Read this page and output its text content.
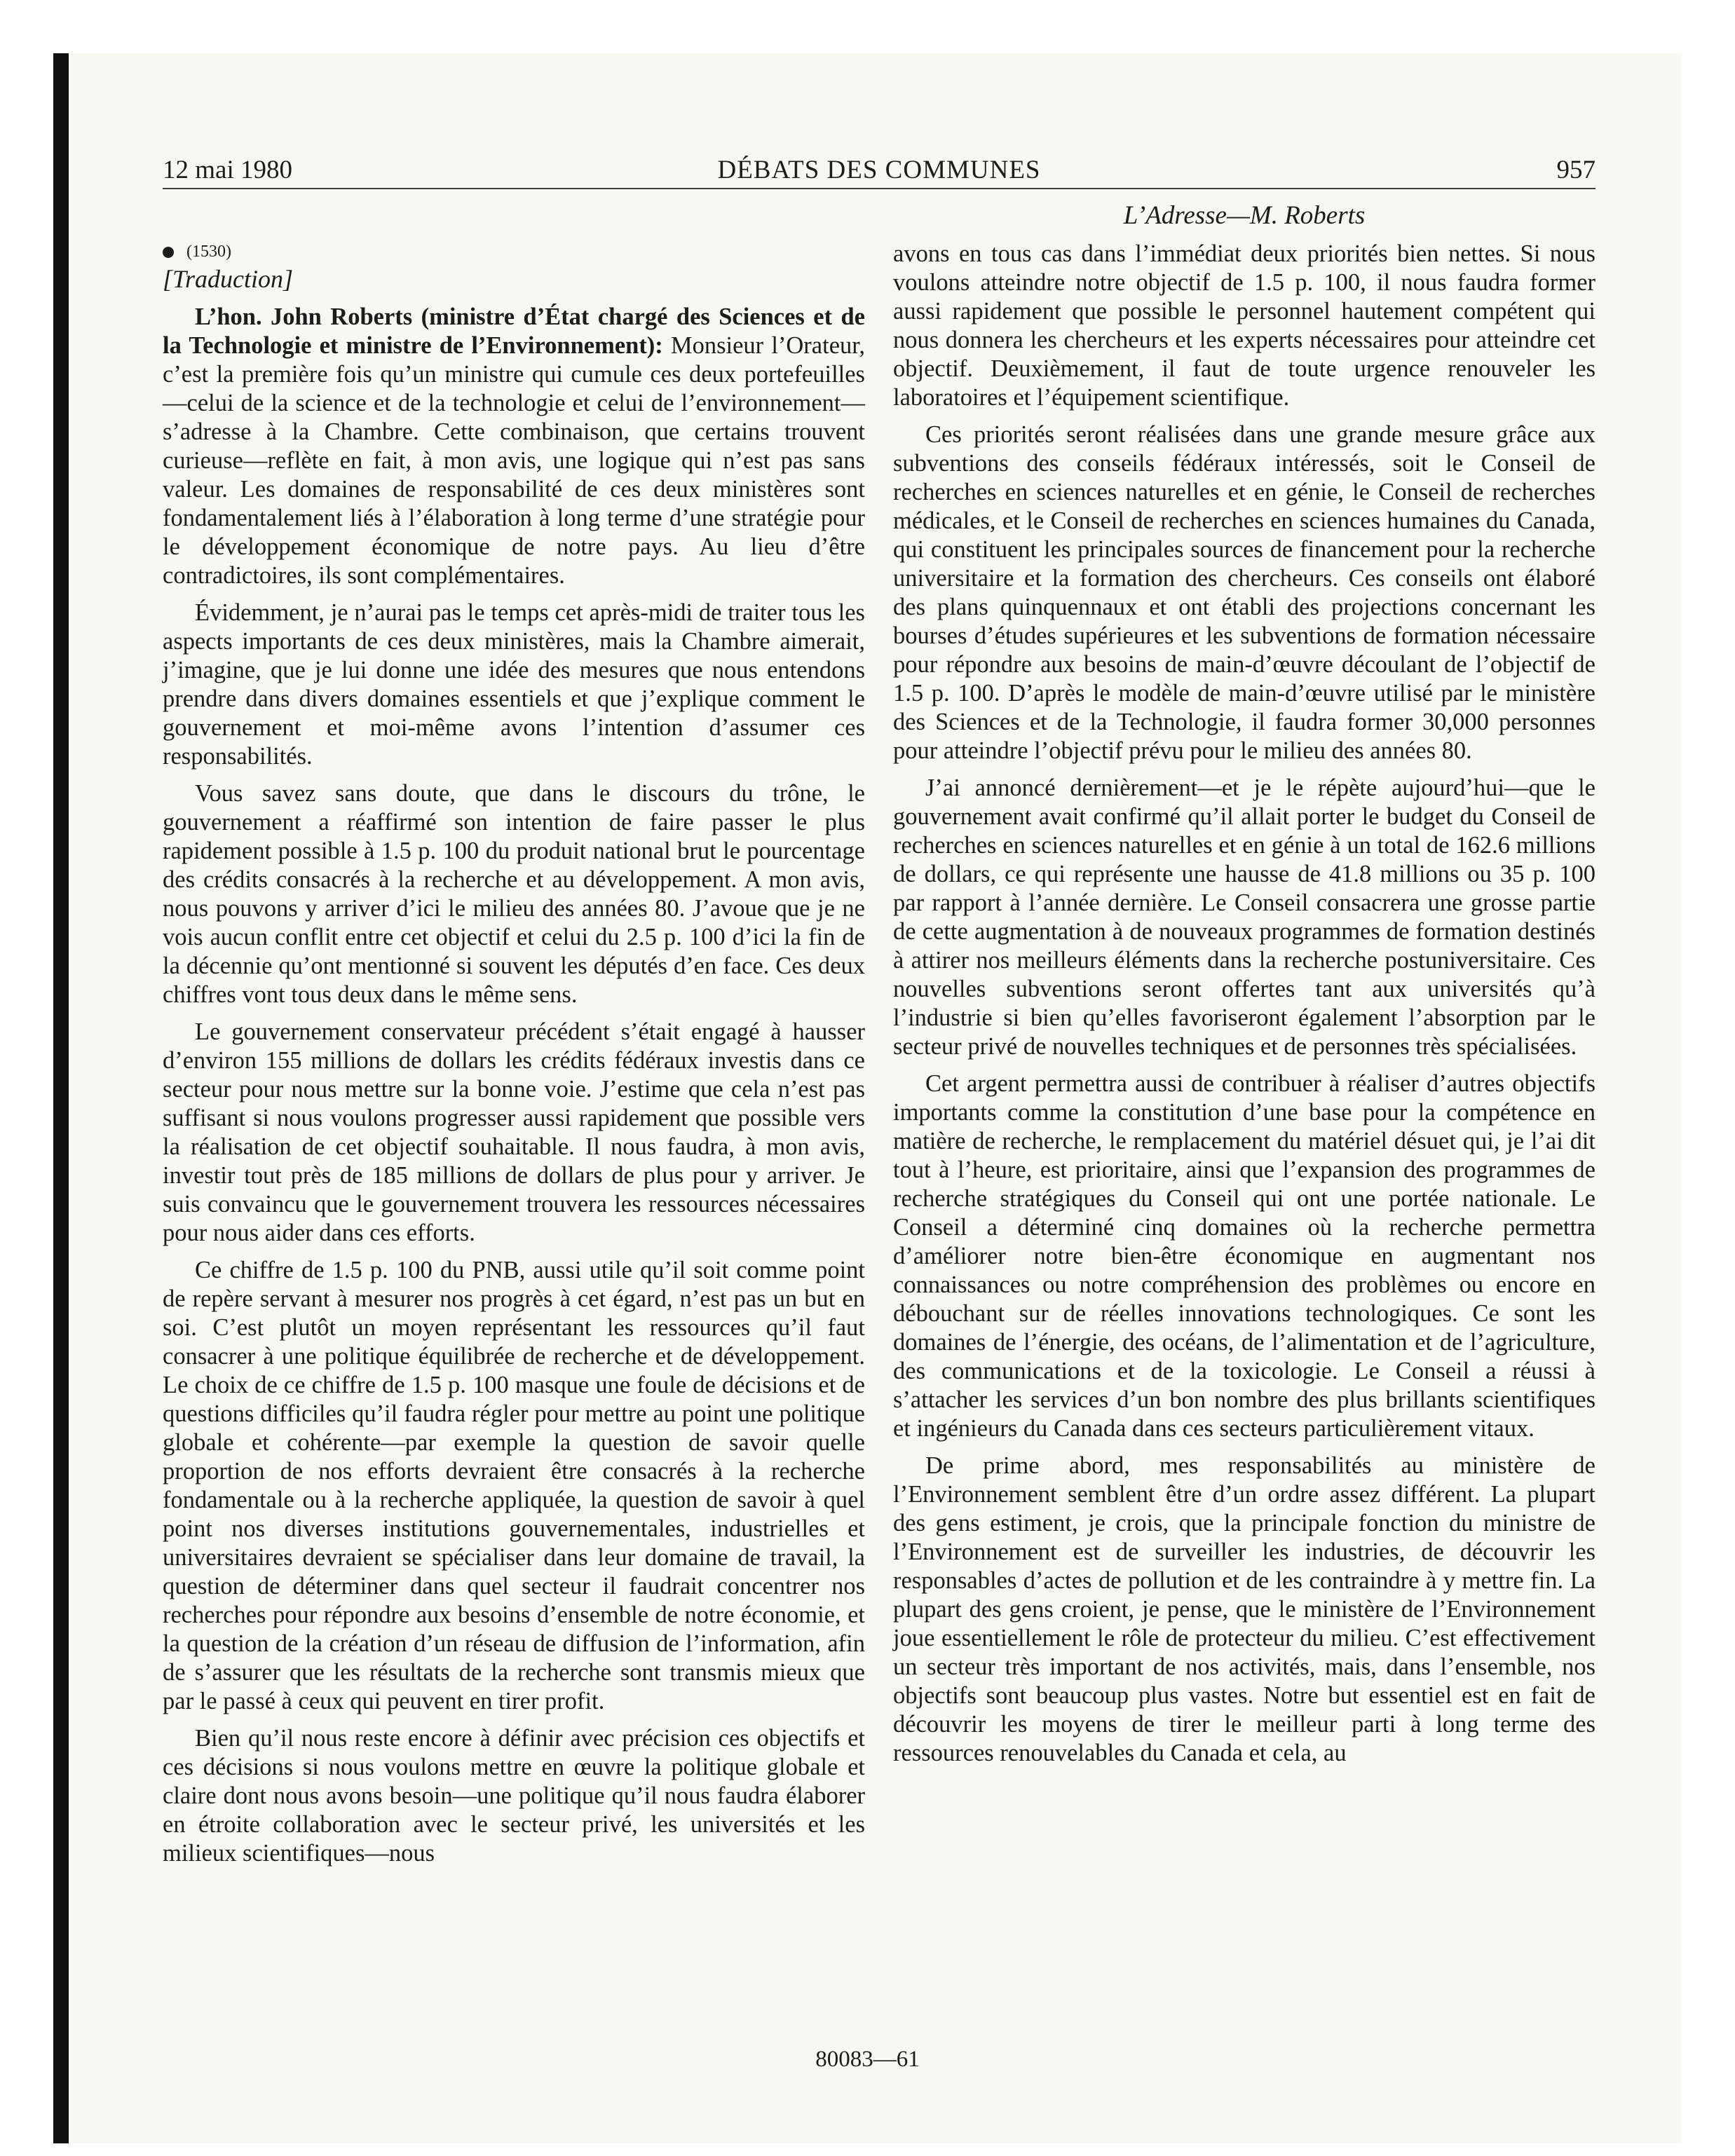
12 mai 1980	DÉBATS DES COMMUNES	957
(1530)

[Traduction]

L’hon. John Roberts (ministre d’État chargé des Sciences et de la Technologie et ministre de l’Environnement): Monsieur l’Orateur, c’est la première fois qu’un ministre qui cumule ces deux portefeuilles—celui de la science et de la technologie et celui de l’environnement—s’adresse à la Chambre. Cette combinaison, que certains trouvent curieuse—reflète en fait, à mon avis, une logique qui n’est pas sans valeur. Les domaines de responsabilité de ces deux ministères sont fondamentalement liés à l’élaboration à long terme d’une stratégie pour le développement économique de notre pays. Au lieu d’être contradictoires, ils sont complémentaires.

Évidemment, je n’aurai pas le temps cet après-midi de traiter tous les aspects importants de ces deux ministères, mais la Chambre aimerait, j’imagine, que je lui donne une idée des mesures que nous entendons prendre dans divers domaines essentiels et que j’explique comment le gouvernement et moi-même avons l’intention d’assumer ces responsabilités.

Vous savez sans doute, que dans le discours du trône, le gouvernement a réaffirmé son intention de faire passer le plus rapidement possible à 1.5 p. 100 du produit national brut le pourcentage des crédits consacrés à la recherche et au développement. A mon avis, nous pouvons y arriver d’ici le milieu des années 80. J’avoue que je ne vois aucun conflit entre cet objectif et celui du 2.5 p. 100 d’ici la fin de la décennie qu’ont mentionné si souvent les députés d’en face. Ces deux chiffres vont tous deux dans le même sens.

Le gouvernement conservateur précédent s’était engagé à hausser d’environ 155 millions de dollars les crédits fédéraux investis dans ce secteur pour nous mettre sur la bonne voie. J’estime que cela n’est pas suffisant si nous voulons progresser aussi rapidement que possible vers la réalisation de cet objectif souhaitable. Il nous faudra, à mon avis, investir tout près de 185 millions de dollars de plus pour y arriver. Je suis convaincu que le gouvernement trouvera les ressources nécessaires pour nous aider dans ces efforts.

Ce chiffre de 1.5 p. 100 du PNB, aussi utile qu’il soit comme point de repère servant à mesurer nos progrès à cet égard, n’est pas un but en soi. C’est plutôt un moyen représentant les ressources qu’il faut consacrer à une politique équilibrée de recherche et de développement. Le choix de ce chiffre de 1.5 p. 100 masque une foule de décisions et de questions difficiles qu’il faudra régler pour mettre au point une politique globale et cohérente—par exemple la question de savoir quelle proportion de nos efforts devraient être consacrés à la recherche fondamentale ou à la recherche appliquée, la question de savoir à quel point nos diverses institutions gouvernementales, industrielles et universitaires devraient se spécialiser dans leur domaine de travail, la question de déterminer dans quel secteur il faudrait concentrer nos recherches pour répondre aux besoins d’ensemble de notre économie, et la question de la création d’un réseau de diffusion de l’information, afin de s’assurer que les résultats de la recherche sont transmis mieux que par le passé à ceux qui peuvent en tirer profit.

Bien qu’il nous reste encore à définir avec précision ces objectifs et ces décisions si nous voulons mettre en œuvre la politique globale et claire dont nous avons besoin—une politique qu’il nous faudra élaborer en étroite collaboration avec le secteur privé, les universités et les milieux scientifiques—nous

L’Adresse—M. Roberts

avons en tous cas dans l’immédiat deux priorités bien nettes. Si nous voulons atteindre notre objectif de 1.5 p. 100, il nous faudra former aussi rapidement que possible le personnel hautement compétent qui nous donnera les chercheurs et les experts nécessaires pour atteindre cet objectif. Deuxièmement, il faut de toute urgence renouveler les laboratoires et l’équipement scientifique.

Ces priorités seront réalisées dans une grande mesure grâce aux subventions des conseils fédéraux intéressés, soit le Conseil de recherches en sciences naturelles et en génie, le Conseil de recherches médicales, et le Conseil de recherches en sciences humaines du Canada, qui constituent les principales sources de financement pour la recherche universitaire et la formation des chercheurs. Ces conseils ont élaboré des plans quinquennaux et ont établi des projections concernant les bourses d’études supérieures et les subventions de formation nécessaire pour répondre aux besoins de main-d’œuvre découlant de l’objectif de 1.5 p. 100. D’après le modèle de main-d’œuvre utilisé par le ministère des Sciences et de la Technologie, il faudra former 30,000 personnes pour atteindre l’objectif prévu pour le milieu des années 80.

J’ai annoncé dernièrement—et je le répète aujourd’hui—que le gouvernement avait confirmé qu’il allait porter le budget du Conseil de recherches en sciences naturelles et en génie à un total de 162.6 millions de dollars, ce qui représente une hausse de 41.8 millions ou 35 p. 100 par rapport à l’année dernière. Le Conseil consacrera une grosse partie de cette augmentation à de nouveaux programmes de formation destinés à attirer nos meilleurs éléments dans la recherche postuniversitaire. Ces nouvelles subventions seront offertes tant aux universités qu’à l’industrie si bien qu’elles favoriseront également l’absorption par le secteur privé de nouvelles techniques et de personnes très spécialisées.

Cet argent permettra aussi de contribuer à réaliser d’autres objectifs importants comme la constitution d’une base pour la compétence en matière de recherche, le remplacement du matériel désuet qui, je l’ai dit tout à l’heure, est prioritaire, ainsi que l’expansion des programmes de recherche stratégiques du Conseil qui ont une portée nationale. Le Conseil a déterminé cinq domaines où la recherche permettra d’améliorer notre bien-être économique en augmentant nos connaissances ou notre compréhension des problèmes ou encore en débouchant sur de réelles innovations technologiques. Ce sont les domaines de l’énergie, des océans, de l’alimentation et de l’agriculture, des communications et de la toxicologie. Le Conseil a réussi à s’attacher les services d’un bon nombre des plus brillants scientifiques et ingénieurs du Canada dans ces secteurs particulièrement vitaux.

De prime abord, mes responsabilités au ministère de l’Environnement semblent être d’un ordre assez différent. La plupart des gens estiment, je crois, que la principale fonction du ministre de l’Environnement est de surveiller les industries, de découvrir les responsables d’actes de pollution et de les contraindre à y mettre fin. La plupart des gens croient, je pense, que le ministère de l’Environnement joue essentiellement le rôle de protecteur du milieu. C’est effectivement un secteur très important de nos activités, mais, dans l’ensemble, nos objectifs sont beaucoup plus vastes. Notre but essentiel est en fait de découvrir les moyens de tirer le meilleur parti à long terme des ressources renouvelables du Canada et cela, au

80083—61
